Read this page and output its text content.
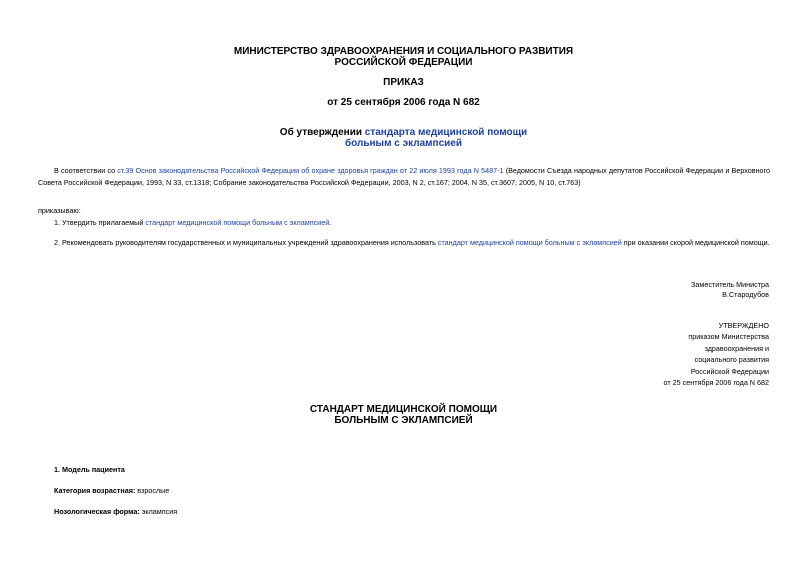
МИНИСТЕРСТВО ЗДРАВООХРАНЕНИЯ И СОЦИАЛЬНОГО РАЗВИТИЯ
РОССИЙСКОЙ ФЕДЕРАЦИИ
ПРИКАЗ
от 25 сентября 2006 года N 682
Об утверждении стандарта медицинской помощи
больным с эклампсией
В соответствии со ст.39 Основ законодательства Российской Федерации об охране здоровья граждан от 22 июля 1993 года N 5487-1 (Ведомости Съезда народных депутатов Российской Федерации и Верховного Совета Российской Федерации, 1993, N 33, ст.1318; Собрание законодательства Российской Федерации, 2003, N 2, ст.167; 2004, N 35, ст.3607; 2005, N 10, ст.763)
приказываю:
1. Утвердить прилагаемый стандарт медицинской помощи больным с эклампсией.
2. Рекомендовать руководителям государственных и муниципальных учреждений здравоохранения использовать стандарт медицинской помощи больным с эклампсией при оказании скорой медицинской помощи.
Заместитель Министра
В.Стародубов
УТВЕРЖДЕНО
приказом Министерства
здравоохранения и
социального развития
Российской Федерации
от 25 сентября 2006 года N 682
СТАНДАРТ МЕДИЦИНСКОЙ ПОМОЩИ
БОЛЬНЫМ С ЭКЛАМПСИЕЙ
1. Модель пациента
Категория возрастная: взрослые
Нозологическая форма: эклампсия
